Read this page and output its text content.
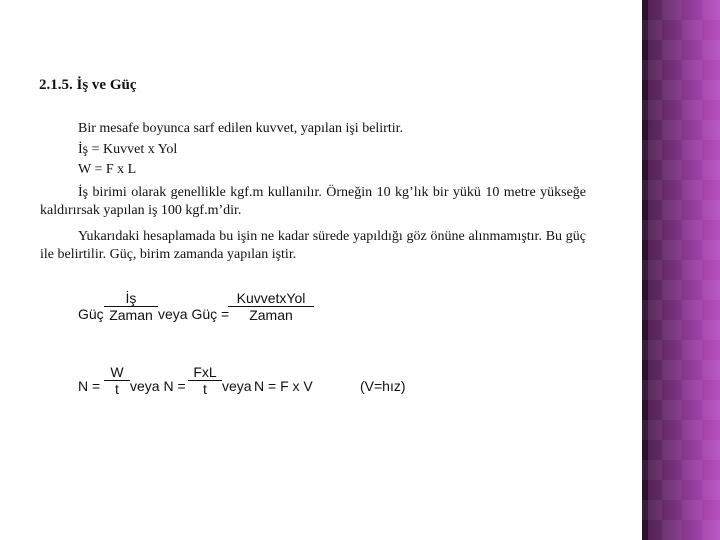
2.1.5. İş ve Güç
Bir mesafe boyunca sarf edilen kuvvet, yapılan işi belirtir.
İş = Kuvvet x Yol
W = F x L
İş birimi olarak genellikle kgf.m kullanılır. Örneğin 10 kg’lık bir yükü 10 metre yükseğe kaldırırsak yapılan iş 100 kgf.m’dir.
Yukarıdaki hesaplamada bu işin ne kadar sürede yapıldığı göz önüne alınmamıştır. Bu güç ile belirtilir. Güç, birim zamanda yapılan iştir.
Güç
İş
Zaman veya Güç =
KuvvetxYol
Zaman
$N = \frac{W}{t}$ veya N =
FxL
t	veya N = F x V	(V=hız)
